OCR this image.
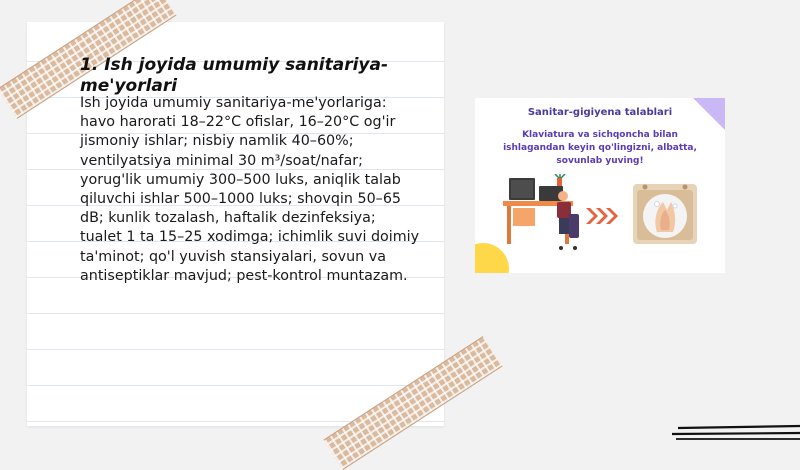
1. Ish joyida umumiy sanitariya-me'yorlari

Ish joyida umumiy sanitariya-me'yorlariga: havo harorati 18–22°C ofislar, 16–20°C og'ir jismoniy ishlar; nisbiy namlik 40–60%; ventilyatsiya minimal 30 m³/soat/nafar; yorug'lik umumiy 300–500 luks, aniqlik talab qiluvchi ishlar 500–1000 luks; shovqin 50–65 dB; kunlik tozalash, haftalik dezinfeksiya; tualet 1 ta 15–25 xodimga; ichimlik suvi doimiy ta'minot; qo'l yuvish stansiyalari, sovun va antiseptiklar mavjud; pest-kontrol muntazam.

Sanitar-gigiyena talablari
Klaviatura va sichqoncha bilan ishlagandan keyin qo'lingizni, albatta, sovunlab yuving!
